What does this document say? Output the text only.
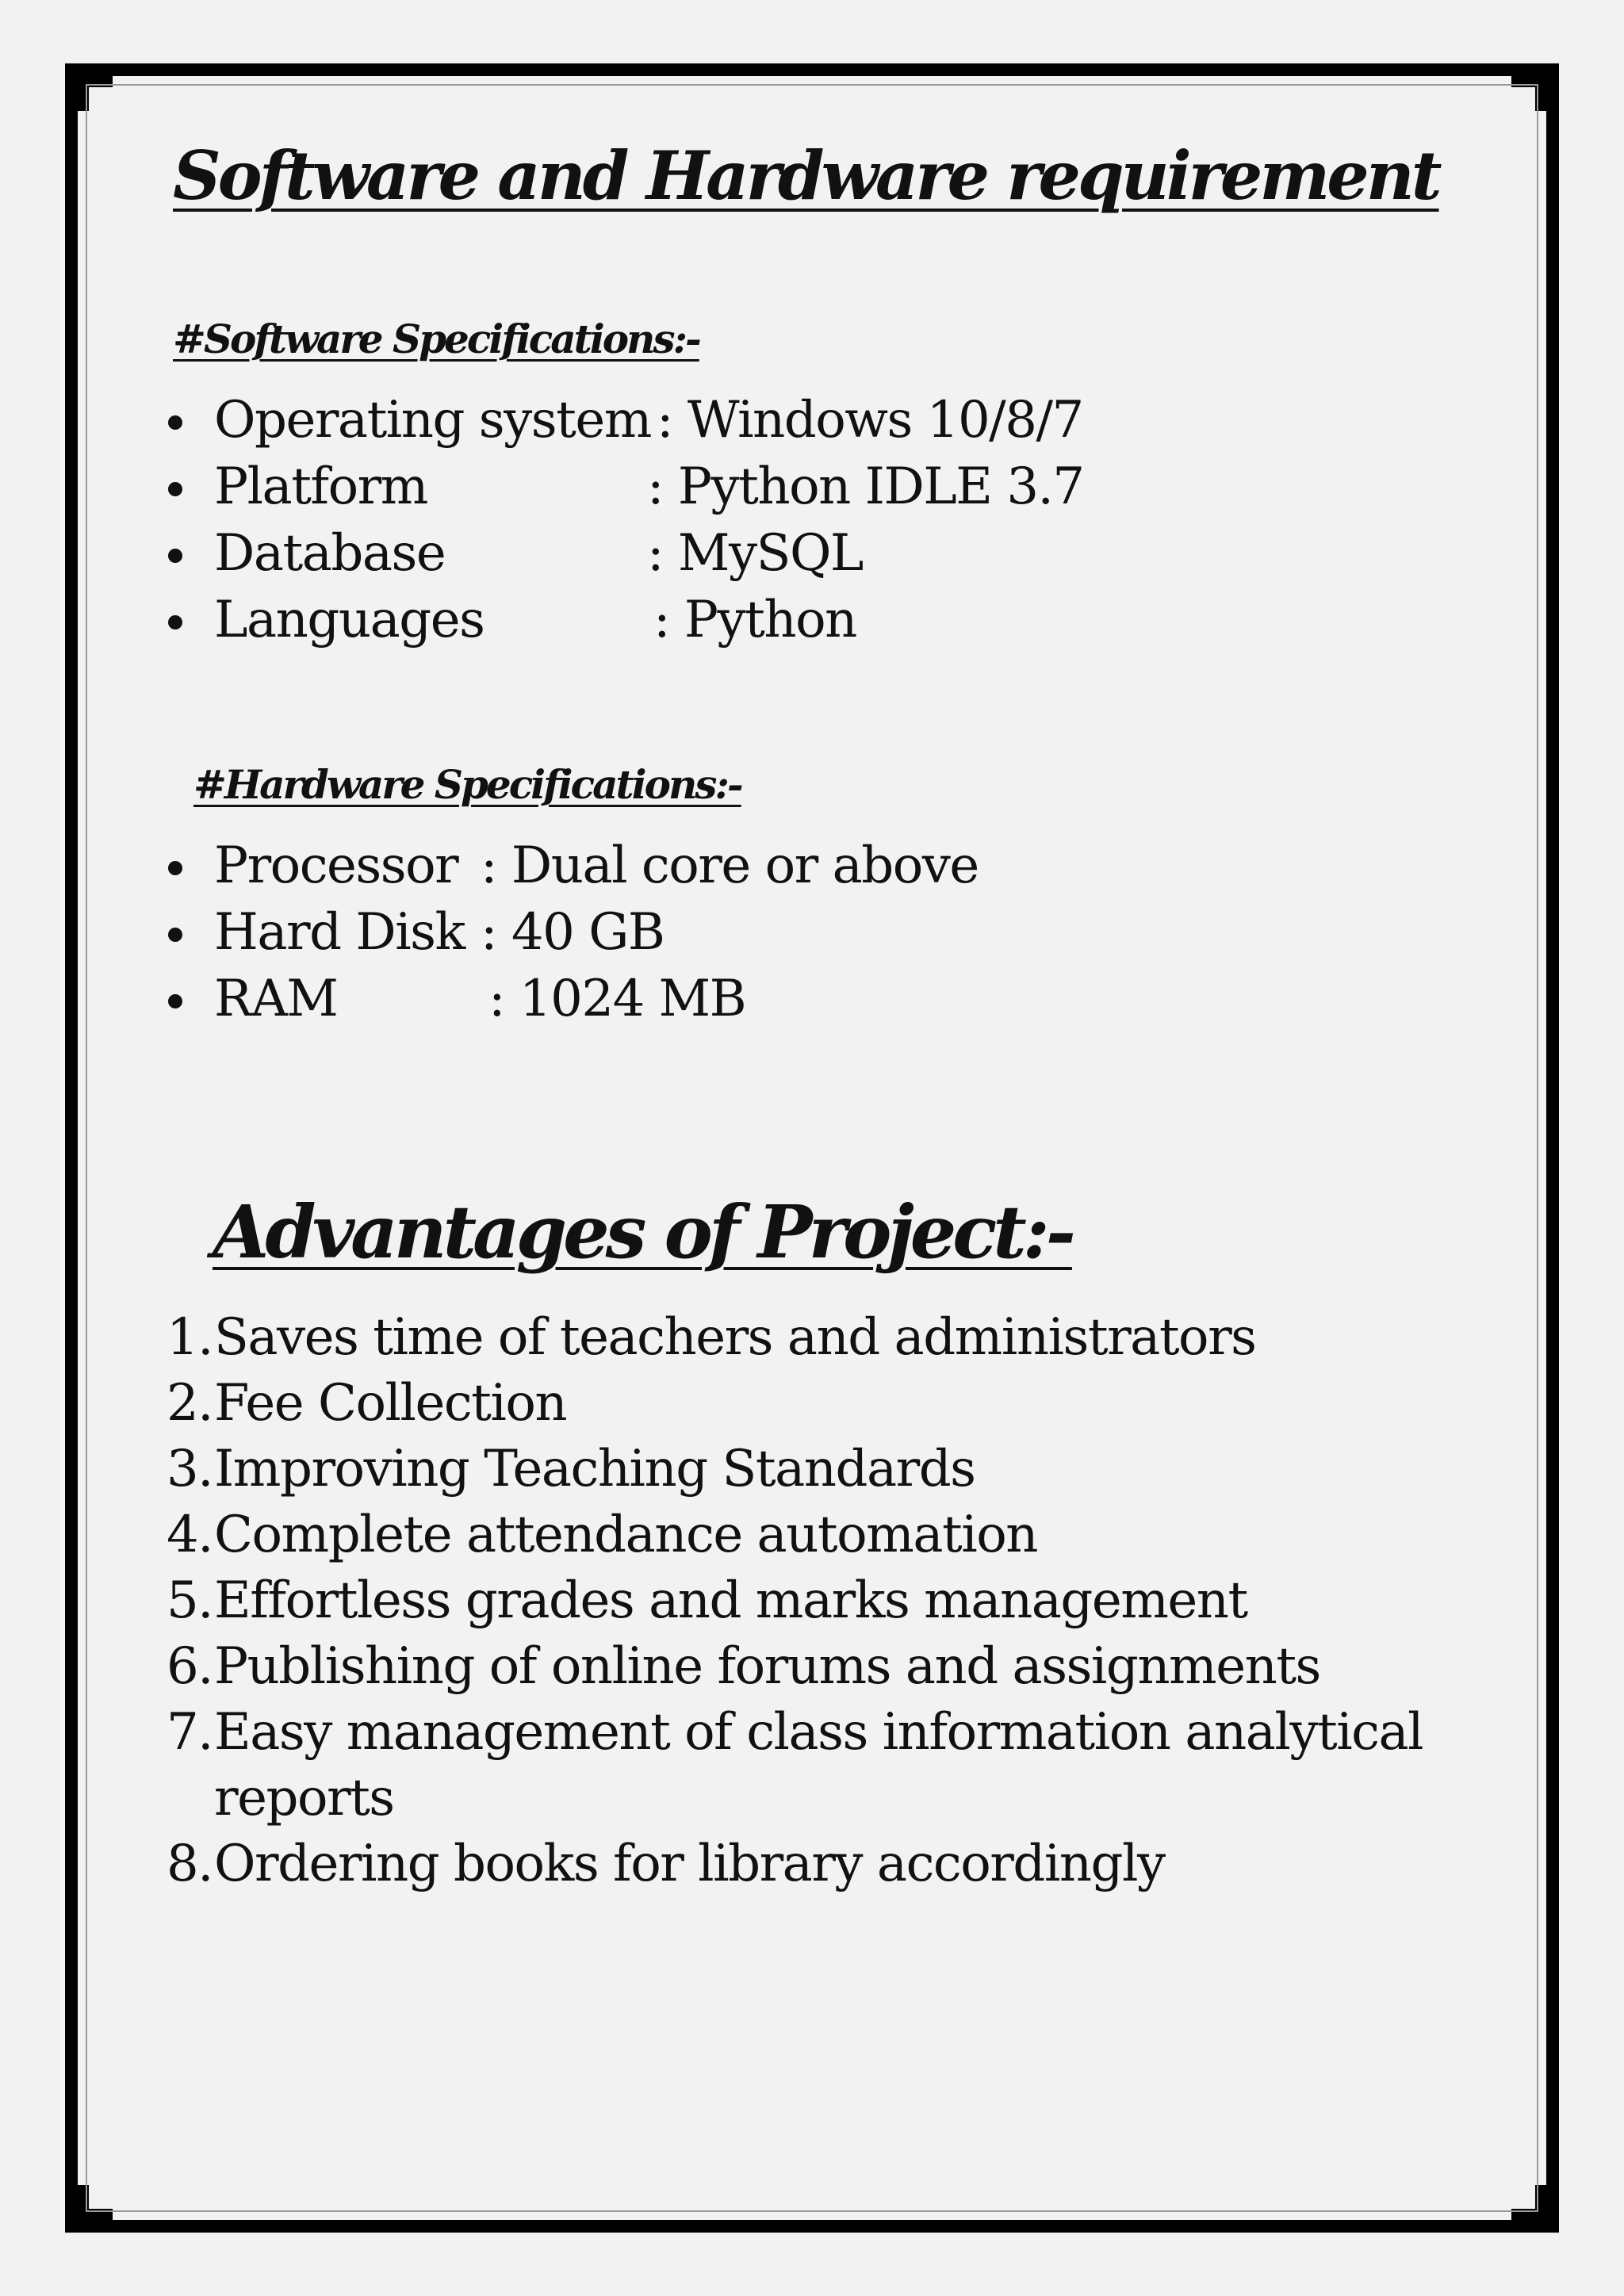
Software and Hardware requirement
#Software Specifications:-
Operating system : Windows 10/8/7
Platform	: Python IDLE 3.7
Database	: MySQL
Languages	: Python
#Hardware Specifications:-
Processor : Dual core or above
Hard Disk : 40 GB
RAM	: 1024 MB
Advantages of Project:-
1. Saves time of teachers and administrators
2. Fee Collection
3. Improving Teaching Standards
4. Complete attendance automation
5. Effortless grades and marks management
6. Publishing of online forums and assignments
7. Easy management of class information analytical reports
8. Ordering books for library accordingly
